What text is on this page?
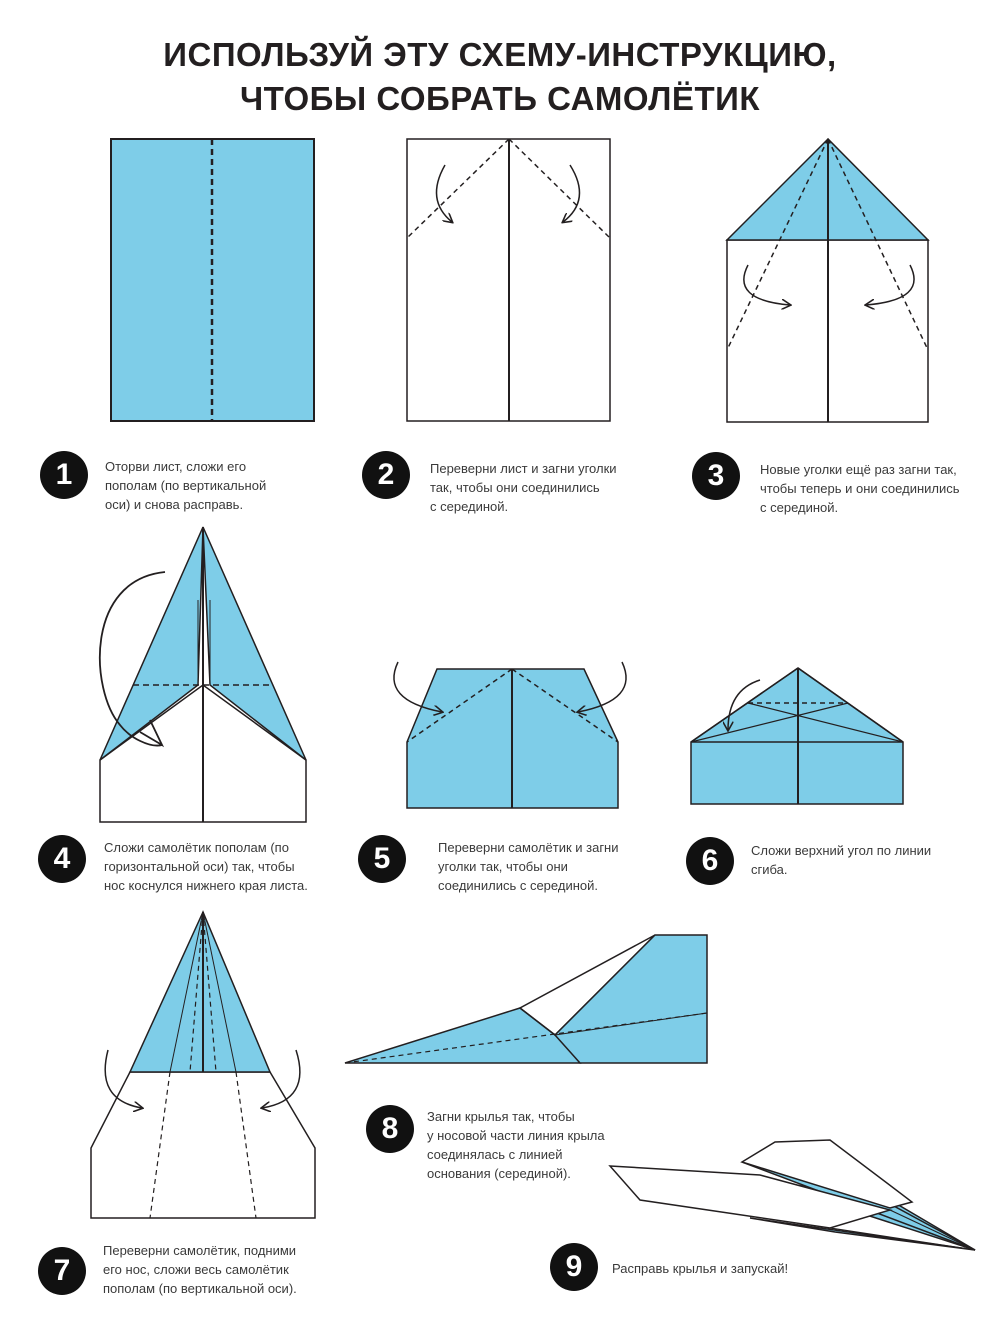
ИСПОЛЬЗУЙ ЭТУ СХЕМУ-ИНСТРУКЦИЮ,
ЧТОБЫ СОБРАТЬ САМОЛЁТИК
1	Оторви лист, сложи его
пополам (по вертикальной
оси) и снова расправь.
2	Переверни лист и загни уголки
так, чтобы они соединились
с серединой.
3	Новые уголки ещё раз загни так,
чтобы теперь и они соединились
с серединой.
4	Сложи самолётик пополам (по
горизонтальной оси) так, чтобы
нос коснулся нижнего края листа.
5	Переверни самолётик и загни
уголки так, чтобы они
соединились с серединой.
6	Сложи верхний угол по линии
сгиба.
7
Переверни самолётик, подними
его нос, сложи весь самолётик
пополам (по вертикальной оси).
8	Загни крылья так, чтобы
у носовой части линия крыла
соединялась с линией
основания (серединой).
9	Расправь крылья и запускай!
